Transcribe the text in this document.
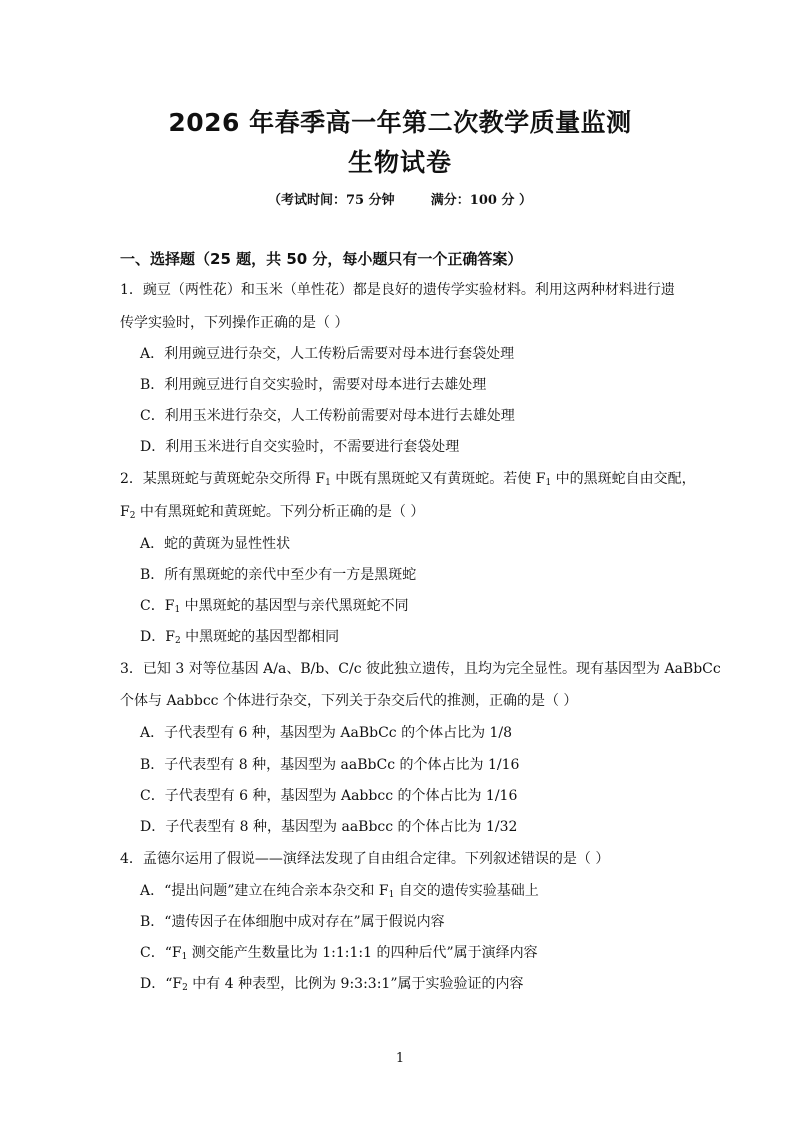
2026 年春季高一年第二次教学质量监测
生物试卷
（考试时间：75 分钟        满分：100 分 ）
一、选择题（25 题，共 50 分，每小题只有一个正确答案）
1．豌豆（两性花）和玉米（单性花）都是良好的遗传学实验材料。利用这两种材料进行遗
传学实验时，下列操作正确的是（ ）
A．利用豌豆进行杂交，人工传粉后需要对母本进行套袋处理
B．利用豌豆进行自交实验时，需要对母本进行去雄处理
C．利用玉米进行杂交，人工传粉前需要对母本进行去雄处理
D．利用玉米进行自交实验时，不需要进行套袋处理
2．某黑斑蛇与黄斑蛇杂交所得 $F_1$ 中既有黑斑蛇又有黄斑蛇。若使 $F_1$ 中的黑斑蛇自由交配，
$F_2$ 中有黑斑蛇和黄斑蛇。下列分析正确的是（ ）
A．蛇的黄斑为显性性状
B．所有黑斑蛇的亲代中至少有一方是黑斑蛇
C．$F_1$ 中黑斑蛇的基因型与亲代黑斑蛇不同
D．$F_2$ 中黑斑蛇的基因型都相同
3．已知 3 对等位基因 A/a、B/b、C/c 彼此独立遗传，且均为完全显性。现有基因型为 AaBbCc
个体与 Aabbcc 个体进行杂交，下列关于杂交后代的推测，正确的是（ ）
A．子代表型有 6 种，基因型为 AaBbCc 的个体占比为 1/8
B．子代表型有 8 种，基因型为 aaBbCc 的个体占比为 1/16
C．子代表型有 6 种，基因型为 Aabbcc 的个体占比为 1/16
D．子代表型有 8 种，基因型为 aaBbcc 的个体占比为 1/32
4．孟德尔运用了假说——演绎法发现了自由组合定律。下列叙述错误的是（ ）
A．“提出问题”建立在纯合亲本杂交和 $F_1$ 自交的遗传实验基础上
B．“遗传因子在体细胞中成对存在”属于假说内容
C．“$F_1$ 测交能产生数量比为 1:1:1:1 的四种后代”属于演绎内容
D．“$F_2$ 中有 4 种表型，比例为 9:3:3:1”属于实验验证的内容
1
